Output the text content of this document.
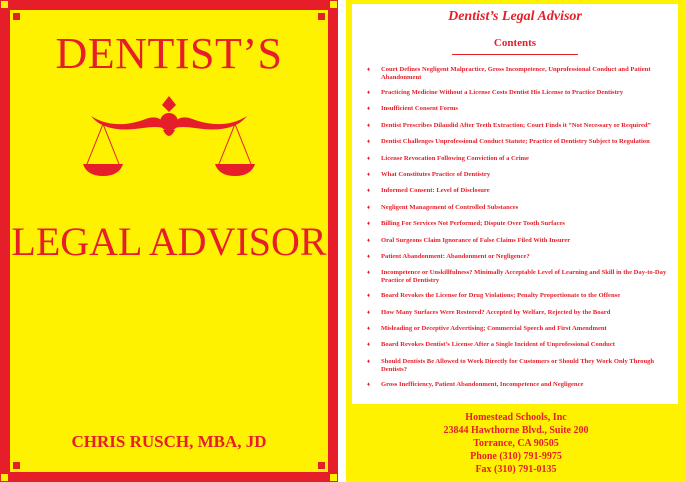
DENTIST’S
LEGAL ADVISOR
CHRIS RUSCH, MBA, JD
Dentist’s Legal Advisor
Contents
♦ Court Defines Negligent Malpractice, Gross Incompetence, Unprofessional Conduct and Patient Abandonment
♦ Practicing Medicine Without a License Costs Dentist His License to Practice Dentistry
♦ Insufficient Consent Forms
♦ Dentist Prescribes Dilaudid After Teeth Extraction; Court Finds it “Not Necessary or Required”
♦ Dentist Challenges Unprofessional Conduct Statute; Practice of Dentistry Subject to Regulation
♦ License Revocation Following Conviction of a Crime
♦ What Constitutes Practice of Dentistry
♦ Informed Consent: Level of Disclosure
♦ Negligent Management of Controlled Substances
♦ Billing For Services Not Performed; Dispute Over Tooth Surfaces
♦ Oral Surgeons Claim Ignorance of False Claims Filed With Insurer
♦ Patient Abandonment: Abandonment or Negligence?
♦ Incompetence or Unskillfulness? Minimally Acceptable Level of Learning and Skill in the Day-to-Day Practice of Dentistry
♦ Board Revokes the License for Drug Violations; Penalty Proportionate to the Offense
♦ How Many Surfaces Were Restored? Accepted by Welfare, Rejected by the Board
♦ Misleading or Deceptive Advertising; Commercial Speech and First Amendment
♦ Board Revokes Dentist’s License After a Single Incident of Unprofessional Conduct
♦ Should Dentists Be Allowed to Work Directly for Customers or Should They Work Only Through Dentists?
♦ Gross Inefficiency, Patient Abandonment, Incompetence and Negligence
Homestead Schools, Inc
23844 Hawthorne Blvd., Suite 200
Torrance, CA 90505
Phone (310) 791-9975
Fax (310) 791-0135
